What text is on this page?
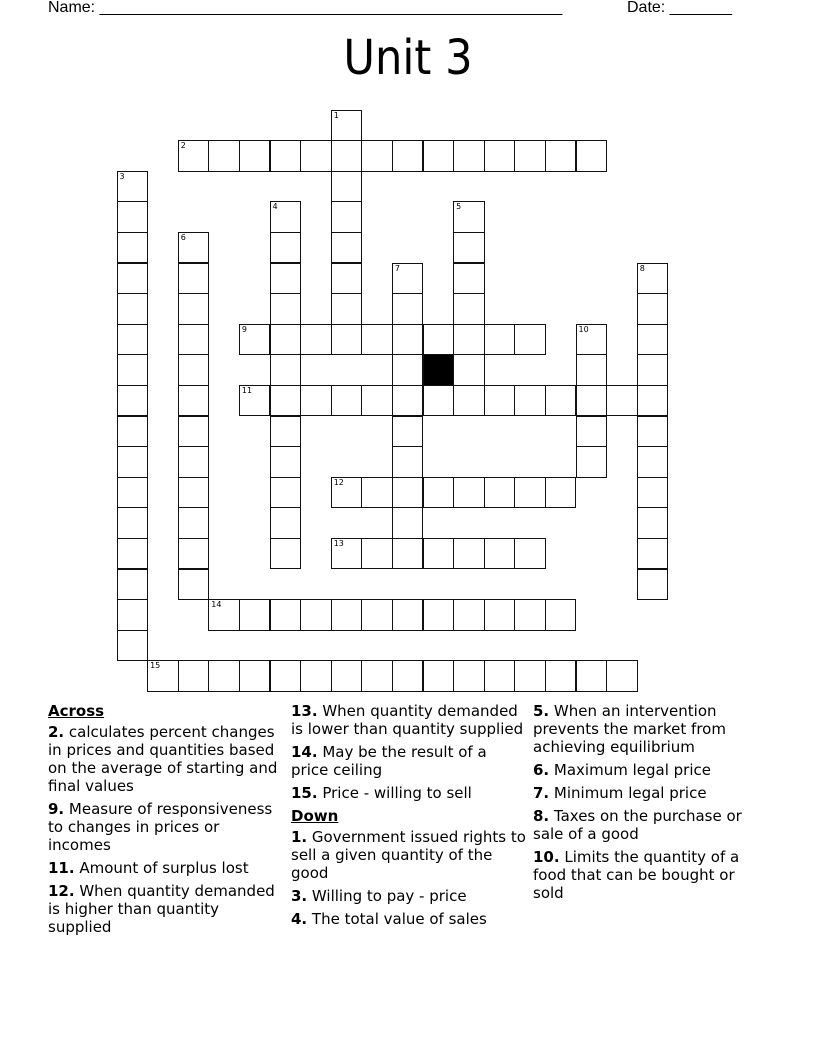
Name: ____________________________________________________	Date: _______
Unit 3
1
2
3
4	5
6
7	8
9	10
11
12
13
14
15
Across
2. calculates percent changes in prices and quantities based on the average of starting and final values
9. Measure of responsiveness to changes in prices or incomes
11. Amount of surplus lost
12. When quantity demanded is higher than quantity supplied
13. When quantity demanded is lower than quantity supplied
14. May be the result of a price ceiling
15. Price - willing to sell
Down
1. Government issued rights to sell a given quantity of the good
3. Willing to pay - price
4. The total value of sales
5. When an intervention prevents the market from achieving equilibrium
6. Maximum legal price
7. Minimum legal price
8. Taxes on the purchase or sale of a good
10. Limits the quantity of a food that can be bought or sold
